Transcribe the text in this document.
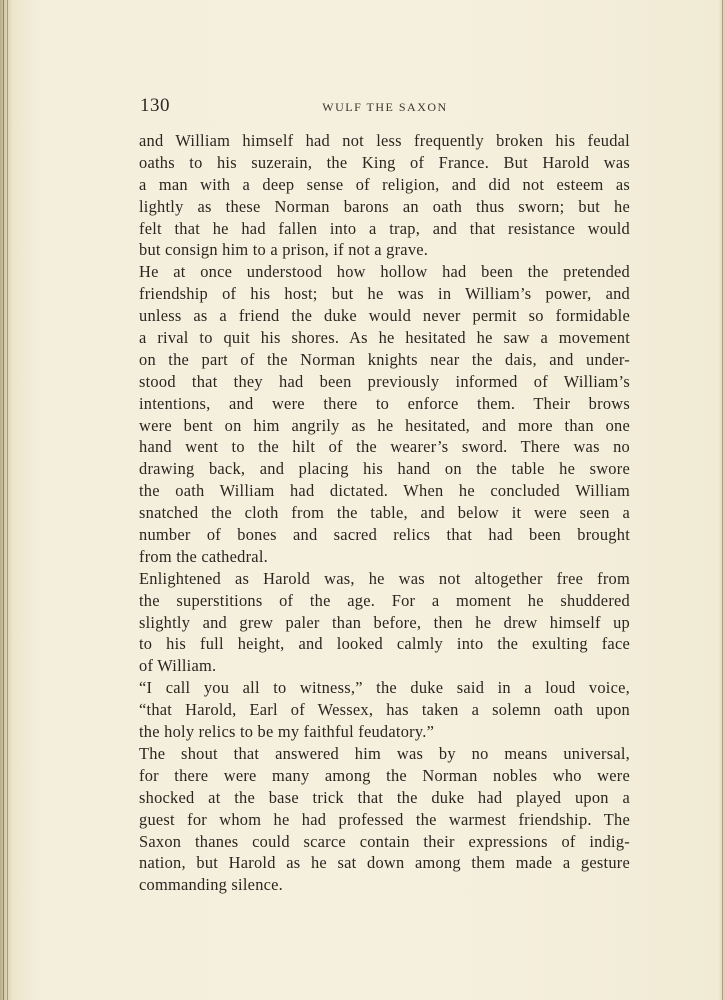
130	WULF THE SAXON
and William himself had not less frequently broken his feudal
oaths to his suzerain, the King of France. But Harold was
a man with a deep sense of religion, and did not esteem as
lightly as these Norman barons an oath thus sworn; but he
felt that he had fallen into a trap, and that resistance would
but consign him to a prison, if not a grave.
He at once understood how hollow had been the pretended
friendship of his host; but he was in William’s power, and
unless as a friend the duke would never permit so formidable
a rival to quit his shores. As he hesitated he saw a movement
on the part of the Norman knights near the dais, and under-
stood that they had been previously informed of William’s
intentions, and were there to enforce them. Their brows
were bent on him angrily as he hesitated, and more than one
hand went to the hilt of the wearer’s sword. There was no
drawing back, and placing his hand on the table he swore
the oath William had dictated. When he concluded William
snatched the cloth from the table, and below it were seen a
number of bones and sacred relics that had been brought
from the cathedral.
Enlightened as Harold was, he was not altogether free from
the superstitions of the age. For a moment he shuddered
slightly and grew paler than before, then he drew himself up
to his full height, and looked calmly into the exulting face
of William.
“I call you all to witness,” the duke said in a loud voice,
“that Harold, Earl of Wessex, has taken a solemn oath upon
the holy relics to be my faithful feudatory.”
The shout that answered him was by no means universal,
for there were many among the Norman nobles who were
shocked at the base trick that the duke had played upon a
guest for whom he had professed the warmest friendship. The
Saxon thanes could scarce contain their expressions of indig-
nation, but Harold as he sat down among them made a gesture
commanding silence.
